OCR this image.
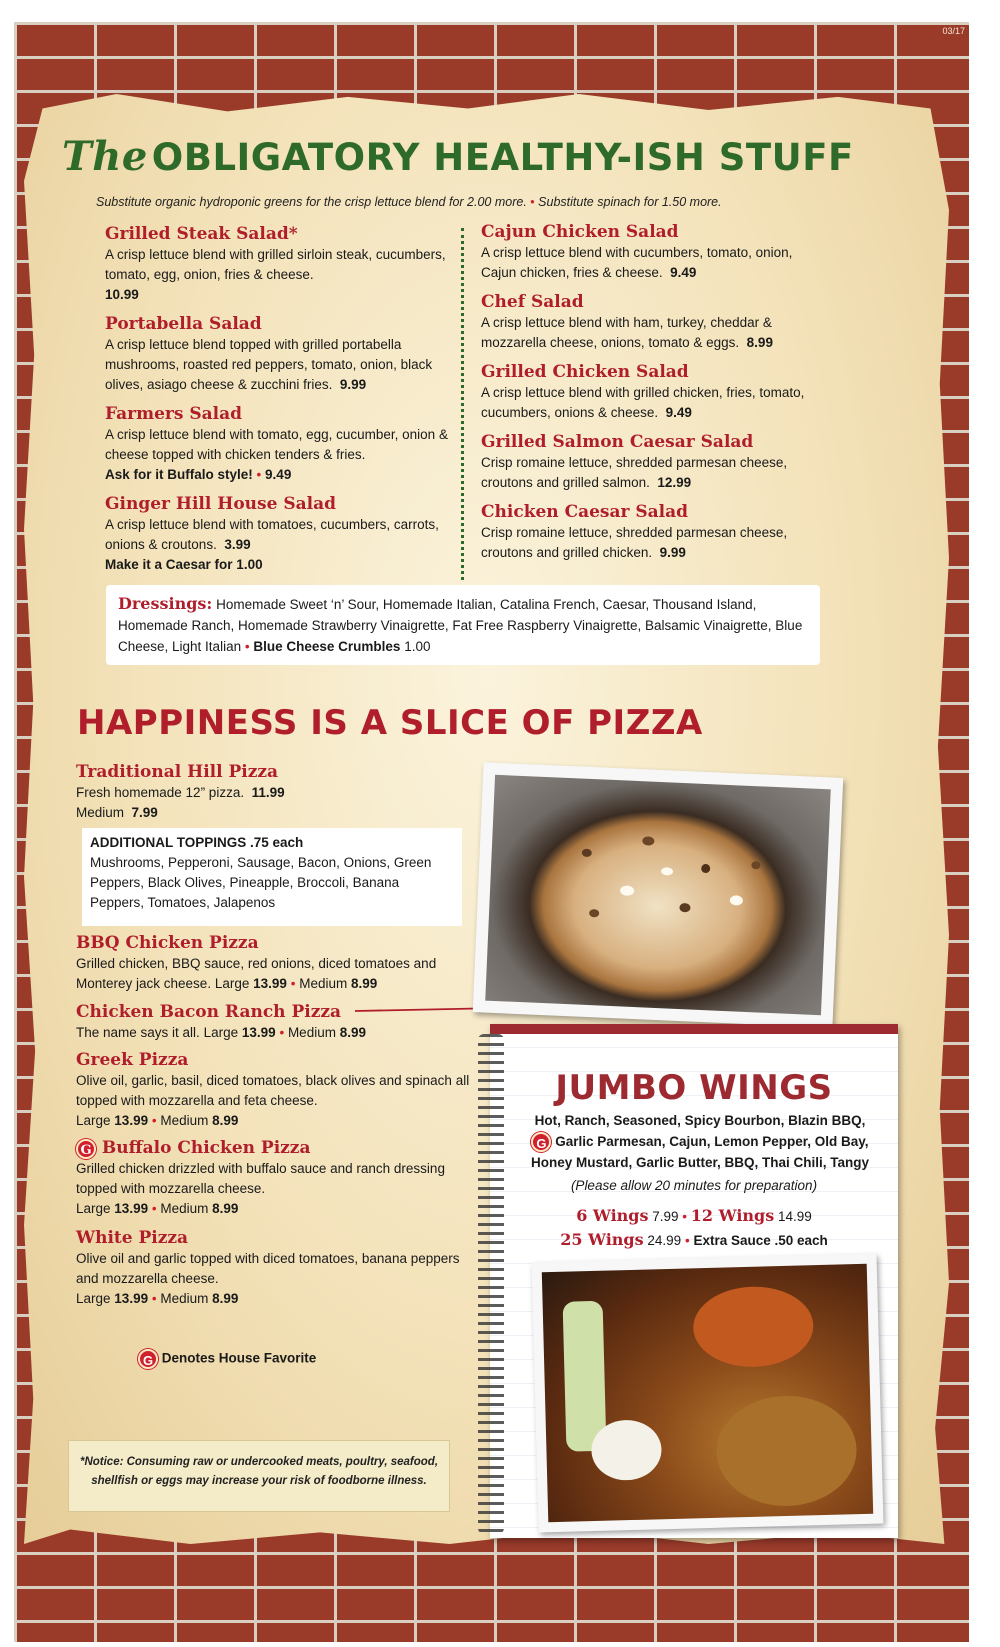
03/17
The OBLIGATORY HEALTHY-ISH STUFF
Substitute organic hydroponic greens for the crisp lettuce blend for 2.00 more. • Substitute spinach for 1.50 more.
Grilled Steak Salad*
A crisp lettuce blend with grilled sirloin steak, cucumbers, tomato, egg, onion, fries & cheese.
10.99
Portabella Salad
A crisp lettuce blend topped with grilled portabella mushrooms, roasted red peppers, tomato, onion, black olives, asiago cheese & zucchini fries. 9.99
Farmers Salad
A crisp lettuce blend with tomato, egg, cucumber, onion & cheese topped with chicken tenders & fries.
Ask for it Buffalo style! • 9.49
Ginger Hill House Salad
A crisp lettuce blend with tomatoes, cucumbers, carrots, onions & croutons. 3.99
Make it a Caesar for 1.00
Cajun Chicken Salad
A crisp lettuce blend with cucumbers, tomato, onion, Cajun chicken, fries & cheese. 9.49
Chef Salad
A crisp lettuce blend with ham, turkey, cheddar & mozzarella cheese, onions, tomato & eggs. 8.99
Grilled Chicken Salad
A crisp lettuce blend with grilled chicken, fries, tomato, cucumbers, onions & cheese. 9.49
Grilled Salmon Caesar Salad
Crisp romaine lettuce, shredded parmesan cheese, croutons and grilled salmon. 12.99
Chicken Caesar Salad
Crisp romaine lettuce, shredded parmesan cheese, croutons and grilled chicken. 9.99
Dressings: Homemade Sweet ‘n’ Sour, Homemade Italian, Catalina French, Caesar, Thousand Island, Homemade Ranch, Homemade Strawberry Vinaigrette, Fat Free Raspberry Vinaigrette, Balsamic Vinaigrette, Blue Cheese, Light Italian • Blue Cheese Crumbles 1.00
HAPPINESS IS A SLICE OF PIZZA
Traditional Hill Pizza
Fresh homemade 12” pizza. 11.99
Medium 7.99
ADDITIONAL TOPPINGS .75 each
Mushrooms, Pepperoni, Sausage, Bacon, Onions, Green Peppers, Black Olives, Pineapple, Broccoli, Banana Peppers, Tomatoes, Jalapenos
BBQ Chicken Pizza
Grilled chicken, BBQ sauce, red onions, diced tomatoes and Monterey jack cheese. Large 13.99 • Medium 8.99
Chicken Bacon Ranch Pizza
The name says it all. Large 13.99 • Medium 8.99
Greek Pizza
Olive oil, garlic, basil, diced tomatoes, black olives and spinach all topped with mozzarella and feta cheese.
Large 13.99 • Medium 8.99
G Buffalo Chicken Pizza
Grilled chicken drizzled with buffalo sauce and ranch dressing topped with mozzarella cheese.
Large 13.99 • Medium 8.99
White Pizza
Olive oil and garlic topped with diced tomatoes, banana peppers and mozzarella cheese.
Large 13.99 • Medium 8.99
G Denotes House Favorite
*Notice: Consuming raw or undercooked meats, poultry, seafood, shellfish or eggs may increase your risk of foodborne illness.
JUMBO WINGS
Hot, Ranch, Seasoned, Spicy Bourbon, Blazin BBQ,
G Garlic Parmesan, Cajun, Lemon Pepper, Old Bay,
Honey Mustard, Garlic Butter, BBQ, Thai Chili, Tangy
(Please allow 20 minutes for preparation)
6 Wings 7.99 • 12 Wings 14.99
25 Wings 24.99 • Extra Sauce .50 each
